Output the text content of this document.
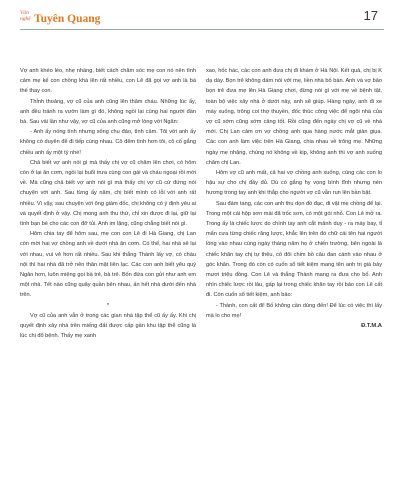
Văn
nghệ Tuyên Quang	17

Vợ anh khéo léo, nhẹ nhàng, biết cách chăm sóc mẹ con nó nên tình cảm mẹ kế con chồng khá lên rất nhiều, con Lê đã gọi vợ anh là bà thế thay con.

Thỉnh thoảng, vợ cũ của anh cũng lên thăm cháu. Những lúc ấy, anh đều tránh ra vườn làm gì đó, không ngồi lại cùng hai người đàn bà. Sau vài lần như vậy, vợ cũ của anh cũng mở lòng với Ngân:

- Anh ấy nóng tính nhưng sống chu đáo, tình cảm. Tôi với anh ấy không có duyên để đi tiếp cùng nhau. Cô đêm tình hơn tôi, cô cố gắng chiều anh ấy một tý nhé!

Chả biết vợ anh nói gì mà thấy chị vợ cũ chăm lên chơi, có hôm còn ở lại ăn cơm, ngồi lại buổi trưa cùng con gái và cháu ngoại rồi mới về. Mà cũng chả biết vợ anh nói gì mà thấy chị vợ cũ cứ đứng nói chuyện với anh. Sau từng ấy năm, chị biết mình có lỗi với anh rất nhiều. Vì vậy, sau chuyện với ông giám đốc, chị không có ý định yêu ai và quyết định ở vậy. Chị mong anh thu thứ, chỉ xin được đi lại, giữ lại tình bạn bè cho các con đỡ tủi. Anh im lặng, cũng chẳng biết nói gì.

Hôm chia tay để hôm sau, mẹ con con Lê đi Hà Giang, chị Lan còn mời hai vợ chồng anh về dưới nhà ăn cơm. Có thể, hai nhà sẽ lại với nhau, vui vẻ hơn rất nhiều. Sau khi thắng Thành lấy vợ, có cháu nội thì hai nhà đã trở nên thân mật liên lạc. Các con anh biết yêu quý Ngân hơn, luôn miệng gọi bà trẻ, bà trẻ. Bốn đứa con gửi như anh em một nhà. Tết nào cũng quây quần bên nhau, ấn hết nhà dưới đến nhà trên.

*

Vợ cũ của anh vẫn ở trong các gian nhà tập thể cũ ấy ấy. Khi chị quyết định xây nhà trên miếng đất được cấp gần khu tập thể cũng là lúc chị đổ bệnh. Thấy mẹ xanh

xao, hốc hác, các con anh đưa chị đi khám ở Hà Nội. Kết quả, chị bị K dạ dày. Bọn trẻ không dám nói với mẹ, liền nhà bố bàn. Anh và vợ bảo bọn trẻ đưa mẹ lên Hà Giang chơi, đừng nói gì với mẹ về bệnh tật, toàn bộ việc xây nhà ở dưới này, anh sẽ giúp. Hàng ngày, anh đi xe máy xuống, trông coi thợ thuyền, đốc thúc công việc để ngôi nhà của vợ cũ sớm cũng sớm cảng tốt. Rồi cũng đến ngày chị vợ cũ về nhà mới. Chị Lan cảm ơn vợ chồng anh qua hàng nước mắt giàn giụa. Các con anh làm việc trên Hà Giang, chia nhau về trông mẹ. Những ngày mẹ nhặng, chúng nó không về kịp, không anh thì vợ anh xuống chăm chị Lan.

Hôm vợ cũ anh mất, cả hai vợ chồng anh xuống, cùng các con lo hậu sự cho chị đầy đủ. Dù có gắng hy vọng bình tĩnh nhưng nén hương trong tay anh khi thắp cho người vợ cũ vẫn run lên bần bật.

Sau đám tang, các con anh thu dọn đồ đạc, đi vật mẹ chồng để lại. Trong một cái hộp sơn mài đã trốc sơn, có một gói nhỏ. Con Lê mở ra. Trong ấy là chiếc lược do chính tay anh cắt mảnh duy - ra máy bay, tỉ mẩn cưa từng chiếc răng lược, khắc lên trên đó chữ cái tên hai người lồng vào nhau cùng ngày tháng năm họ ở chiến trường, bên ngoài là chiếc khăn tay chị tự thêu, có đôi chim bồ câu đan cánh vào nhau ở góc khăn. Trong đó còn có cuốn sổ tiết kiệm mang tên anh trị giá bảy mươi triệu đồng. Con Lê và thắng Thành mang ra đưa cho bố. Anh nhìn chiếc lược rồi lâu, gấp lại trong chiếc khăn tay rồi bảo con Lê cất đi. Còn cuốn sổ tiết kiệm, anh bảo:

- Thành, con cất đi! Bố không cần dùng đến! Để lúc có việc thì lấy mà lo cho mẹ!

Đ.T.M.A
